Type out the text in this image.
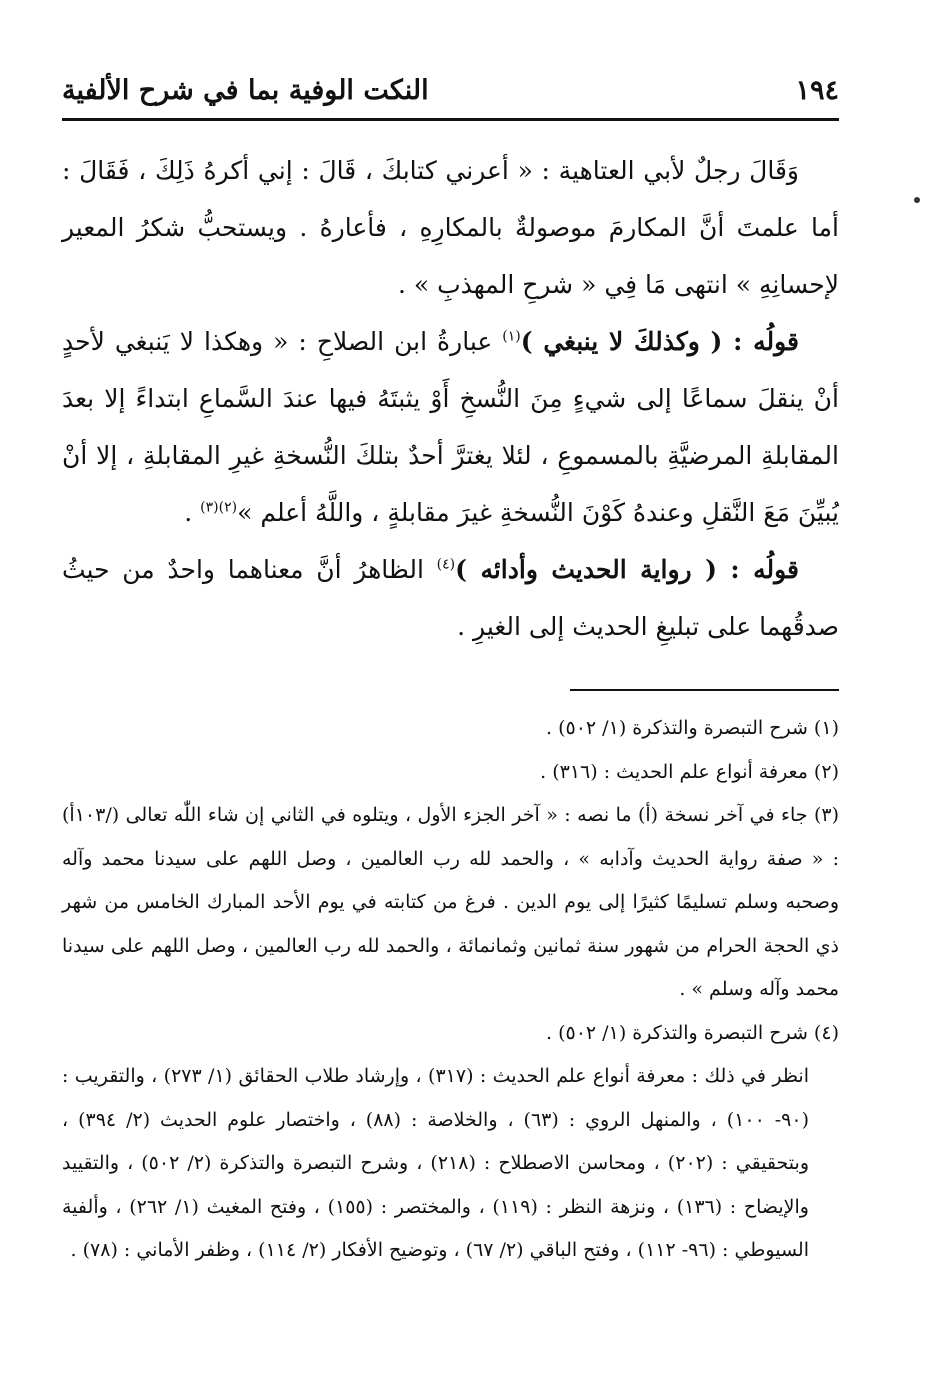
١٩٤
النكت الوفية بما في شرح الألفية

وَقَالَ رجلٌ لأبي العتاهية : « أعرني كتابكَ ، قَالَ : إني أكرهُ ذَلِكَ ، فَقَالَ : أما علمتَ أنَّ المكارمَ موصولةٌ بالمكارِهِ ، فأعارهُ . ويستحبُّ شكرُ المعير لإحسانِهِ » انتهى مَا فِي « شرحِ المهذبِ » .

قولُه : ( وكذلكَ لا ينبغي )$^{(١)}$ عبارةُ ابن الصلاحِ : « وهكذا لا يَنبغي لأحدٍ أنْ ينقلَ سماعًا إلى شيءٍ مِنَ النُّسخِ أَوْ يثبتَهُ فيها عندَ السَّماعِ ابتداءً إلا بعدَ المقابلةِ المرضيَّةِ بالمسموعِ ، لئلا يغترَّ أحدٌ بتلكَ النُّسخةِ غيرِ المقابلةِ ، إلا أنْ يُبيِّنَ مَعَ النَّقلِ وعندهُ كَوْنَ النُّسخةِ غيرَ مقابلةٍ ، واللَّهُ أعلم »$^{(٢)(٣)}$ .

قولُه : ( رواية الحديث وأدائه )$^{(٤)}$ الظاهرُ أنَّ معناهما واحدٌ من حيثُ صدقُهما على تبليغِ الحديث إلى الغيرِ .

(١) شرح التبصرة والتذكرة (١/ ٥٠٢) .

(٢) معرفة أنواع علم الحديث : (٣١٦) .

(٣) جاء في آخر نسخة (أ) ما نصه : « آخر الجزء الأول ، ويتلوه في الثاني إن شاء اللّٰه تعالى (/١٠٣أ) : « صفة رواية الحديث وآدابه » ، والحمد لله رب العالمين ، وصل اللهم على سيدنا محمد وآله وصحبه وسلم تسليمًا كثيرًا إلى يوم الدين . فرغ من كتابته في يوم الأحد المبارك الخامس من شهر ذي الحجة الحرام من شهور سنة ثمانين وثمانمائة ، والحمد لله رب العالمين ، وصل اللهم على سيدنا محمد وآله وسلم » .

(٤) شرح التبصرة والتذكرة (١/ ٥٠٢) .

انظر في ذلك : معرفة أنواع علم الحديث : (٣١٧) ، وإرشاد طلاب الحقائق (١/ ٢٧٣) ، والتقريب : (٩٠- ١٠٠) ، والمنهل الروي : (٦٣) ، والخلاصة : (٨٨) ، واختصار علوم الحديث (٢/ ٣٩٤) ، وبتحقيقي : (٢٠٢) ، ومحاسن الاصطلاح : (٢١٨) ، وشرح التبصرة والتذكرة (٢/ ٥٠٢) ، والتقييد والإيضاح : (١٣٦) ، ونزهة النظر : (١١٩) ، والمختصر : (١٥٥) ، وفتح المغيث (١/ ٢٦٢) ، وألفية السيوطي : (٩٦- ١١٢) ، وفتح الباقي (٢/ ٦٧) ، وتوضيح الأفكار (٢/ ١١٤) ، وظفر الأماني : (٧٨) .
